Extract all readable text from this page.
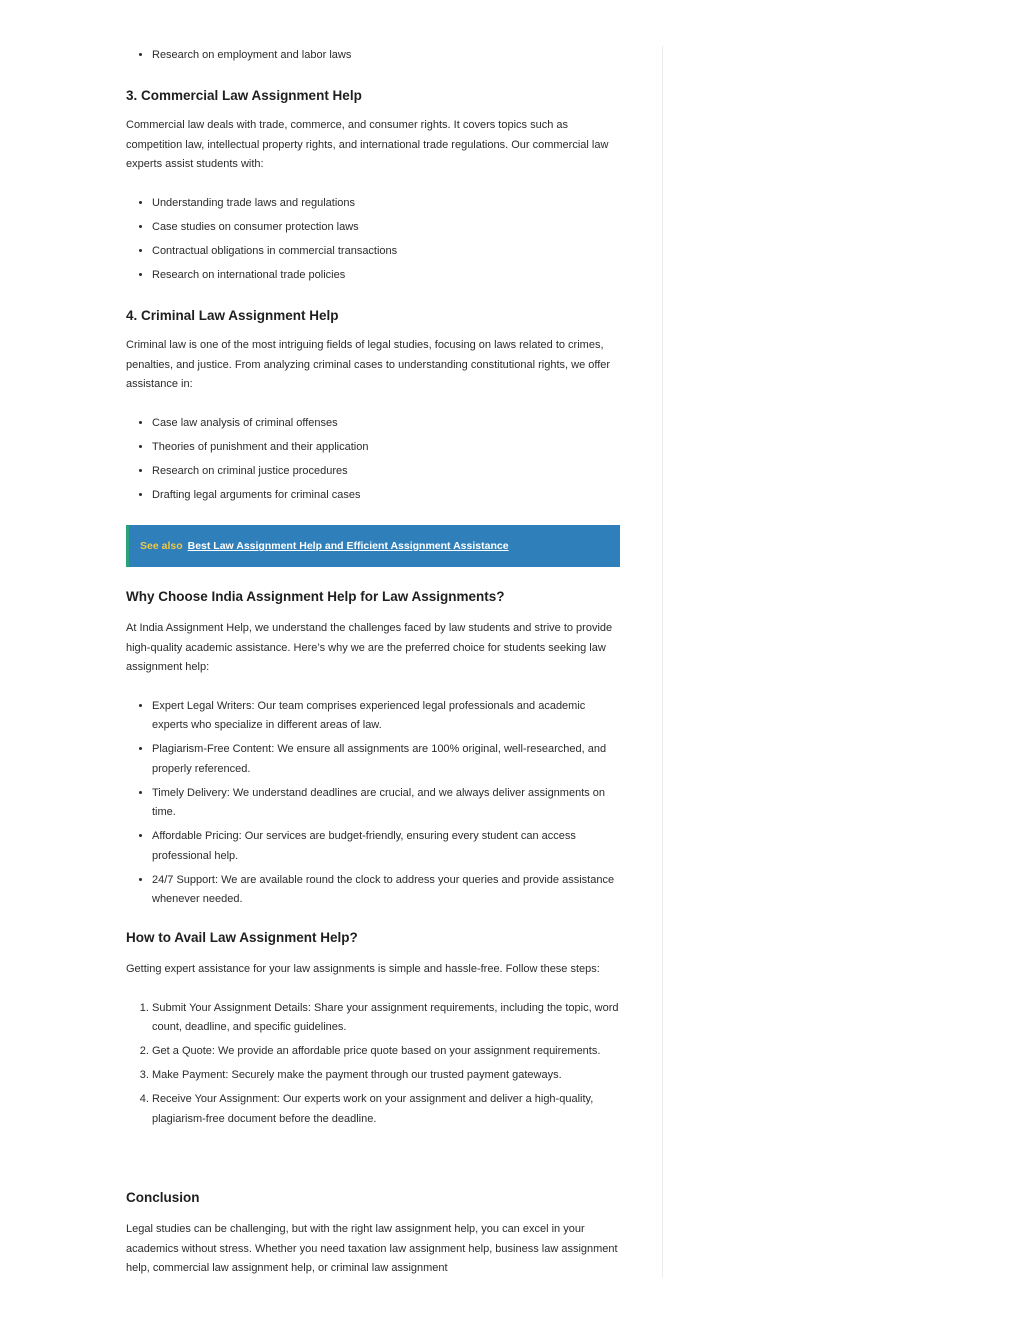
• Research on employment and labor laws
3. Commercial Law Assignment Help

Commercial law deals with trade, commerce, and consumer rights. It covers topics such as competition law, intellectual property rights, and international trade regulations. Our commercial law experts assist students with:

• Understanding trade laws and regulations
• Case studies on consumer protection laws
• Contractual obligations in commercial transactions
• Research on international trade policies
4. Criminal Law Assignment Help

Criminal law is one of the most intriguing fields of legal studies, focusing on laws related to crimes, penalties, and justice. From analyzing criminal cases to understanding constitutional rights, we offer assistance in:

• Case law analysis of criminal offenses
• Theories of punishment and their application
• Research on criminal justice procedures
• Drafting legal arguments for criminal cases
See also Best Law Assignment Help and Efficient Assignment Assistance
Why Choose India Assignment Help for Law Assignments?

At India Assignment Help, we understand the challenges faced by law students and strive to provide high-quality academic assistance. Here’s why we are the preferred choice for students seeking law assignment help:

• Expert Legal Writers: Our team comprises experienced legal professionals and academic experts who specialize in different areas of law.
• Plagiarism-Free Content: We ensure all assignments are 100% original, well-researched, and properly referenced.
• Timely Delivery: We understand deadlines are crucial, and we always deliver assignments on time.
• Affordable Pricing: Our services are budget-friendly, ensuring every student can access professional help.
• 24/7 Support: We are available round the clock to address your queries and provide assistance whenever needed.
How to Avail Law Assignment Help?

Getting expert assistance for your law assignments is simple and hassle-free. Follow these steps:

1. Submit Your Assignment Details: Share your assignment requirements, including the topic, word count, deadline, and specific guidelines.
2. Get a Quote: We provide an affordable price quote based on your assignment requirements.
3. Make Payment: Securely make the payment through our trusted payment gateways.
4. Receive Your Assignment: Our experts work on your assignment and deliver a high-quality, plagiarism-free document before the deadline.
Conclusion

Legal studies can be challenging, but with the right law assignment help, you can excel in your academics without stress. Whether you need taxation law assignment help, business law assignment help, commercial law assignment help, or criminal law assignment
